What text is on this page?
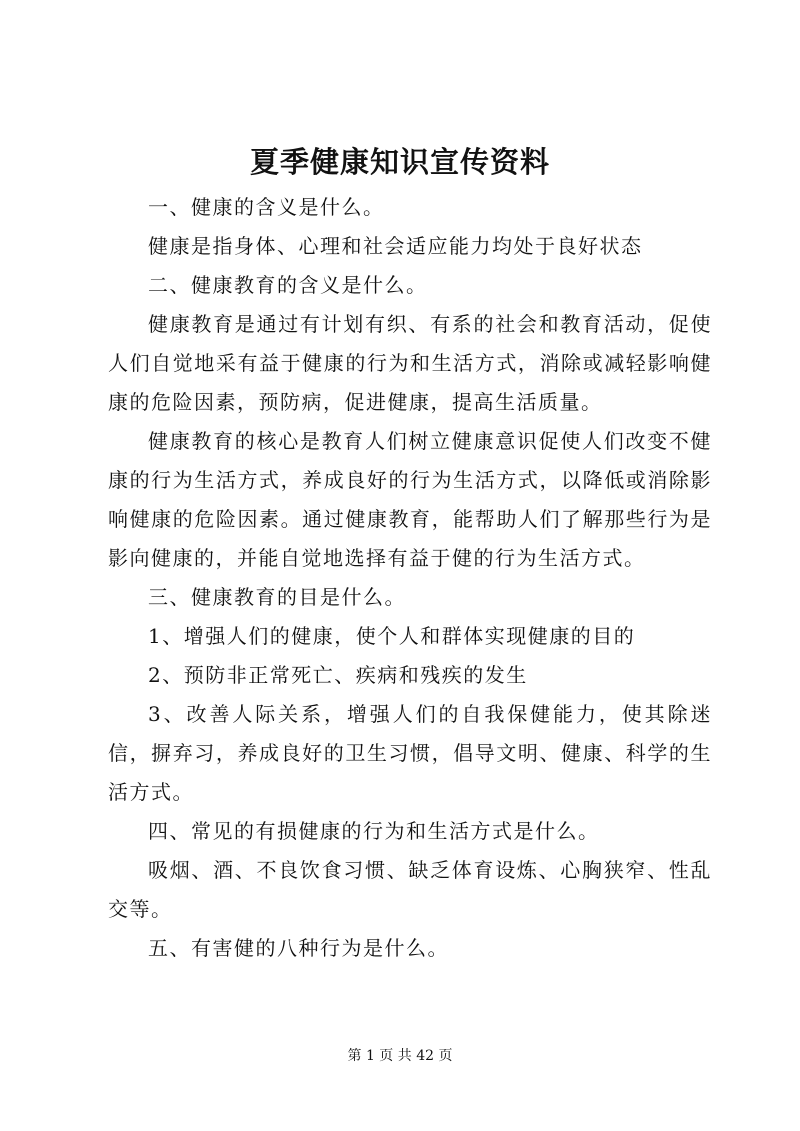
夏季健康知识宣传资料

一、健康的含义是什么。

健康是指身体、心理和社会适应能力均处于良好状态

二、健康教育的含义是什么。

健康教育是通过有计划有织、有系的社会和教育活动，促使人们自觉地采有益于健康的行为和生活方式，消除或减轻影响健康的危险因素，预防病，促进健康，提高生活质量。

健康教育的核心是教育人们树立健康意识促使人们改变不健康的行为生活方式，养成良好的行为生活方式，以降低或消除影响健康的危险因素。通过健康教育，能帮助人们了解那些行为是影向健康的，并能自觉地选择有益于健的行为生活方式。

三、健康教育的目是什么。

1、增强人们的健康，使个人和群体实现健康的目的

2、预防非正常死亡、疾病和残疾的发生

3、改善人际关系，增强人们的自我保健能力，使其除迷信，摒弃习，养成良好的卫生习惯，倡导文明、健康、科学的生活方式。

四、常见的有损健康的行为和生活方式是什么。

吸烟、酒、不良饮食习惯、缺乏体育设炼、心胸狭窄、性乱交等。

五、有害健的八种行为是什么。

第 1 页 共 42 页
